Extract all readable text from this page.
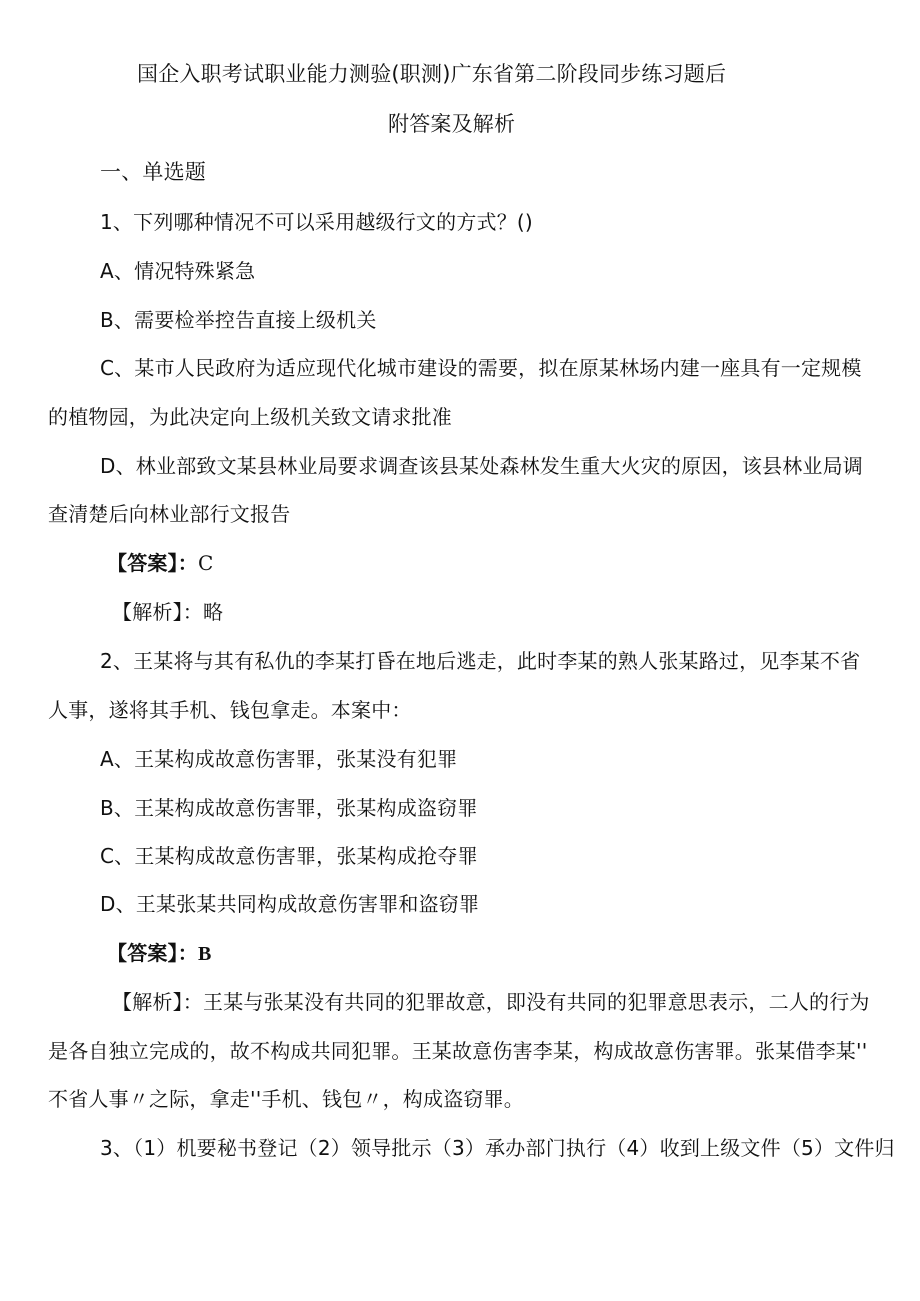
国企入职考试职业能力测验(职测)广东省第二阶段同步练习题后
附答案及解析
一、单选题
1、下列哪种情况不可以采用越级行文的方式？()
A、情况特殊紧急
B、需要检举控告直接上级机关
C、某市人民政府为适应现代化城市建设的需要，拟在原某林场内建一座具有一定规模
的植物园，为此决定向上级机关致文请求批准
D、林业部致文某县林业局要求调查该县某处森林发生重大火灾的原因，该县林业局调
查清楚后向林业部行文报告
【答案】：C
【解析】：略
2、王某将与其有私仇的李某打昏在地后逃走，此时李某的熟人张某路过，见李某不省
人事，遂将其手机、钱包拿走。本案中：
A、王某构成故意伤害罪，张某没有犯罪
B、王某构成故意伤害罪，张某构成盗窃罪
C、王某构成故意伤害罪，张某构成抢夺罪
D、王某张某共同构成故意伤害罪和盗窃罪
【答案】：B
【解析】：王某与张某没有共同的犯罪故意，即没有共同的犯罪意思表示，二人的行为
是各自独立完成的，故不构成共同犯罪。王某故意伤害李某，构成故意伤害罪。张某借李某''
不省人事〃之际，拿走''手机、钱包〃，构成盗窃罪。
3、（1）机要秘书登记（2）领导批示（3）承办部门执行（4）收到上级文件（5）文件归
